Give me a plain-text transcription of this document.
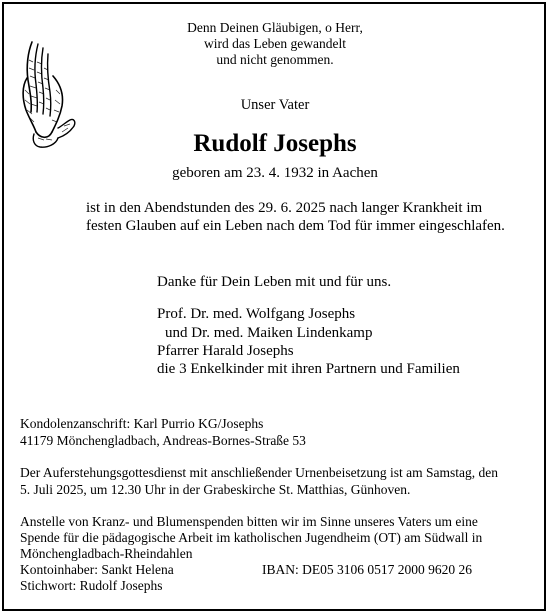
Denn Deinen Gläubigen, o Herr,
wird das Leben gewandelt
und nicht genommen.
Unser Vater
Rudolf Josephs
geboren am 23. 4. 1932 in Aachen
ist in den Abendstunden des 29. 6. 2025 nach langer Krankheit im
festen Glauben auf ein Leben nach dem Tod für immer eingeschlafen.
Danke für Dein Leben mit und für uns.
Prof. Dr. med. Wolfgang Josephs
und Dr. med. Maiken Lindenkamp
Pfarrer Harald Josephs
die 3 Enkelkinder mit ihren Partnern und Familien
Kondolenzanschrift: Karl Purrio KG/Josephs
41179 Mönchengladbach, Andreas-Bornes-Straße 53
Der Auferstehungsgottesdienst mit anschließender Urnenbeisetzung ist am Samstag, den
5. Juli 2025, um 12.30 Uhr in der Grabeskirche St. Matthias, Günhoven.
Anstelle von Kranz- und Blumenspenden bitten wir im Sinne unseres Vaters um eine
Spende für die pädagogische Arbeit im katholischen Jugendheim (OT) am Südwall in
Mönchengladbach-Rheindahlen
Kontoinhaber: Sankt Helena	IBAN: DE05 3106 0517 2000 9620 26
Stichwort: Rudolf Josephs
